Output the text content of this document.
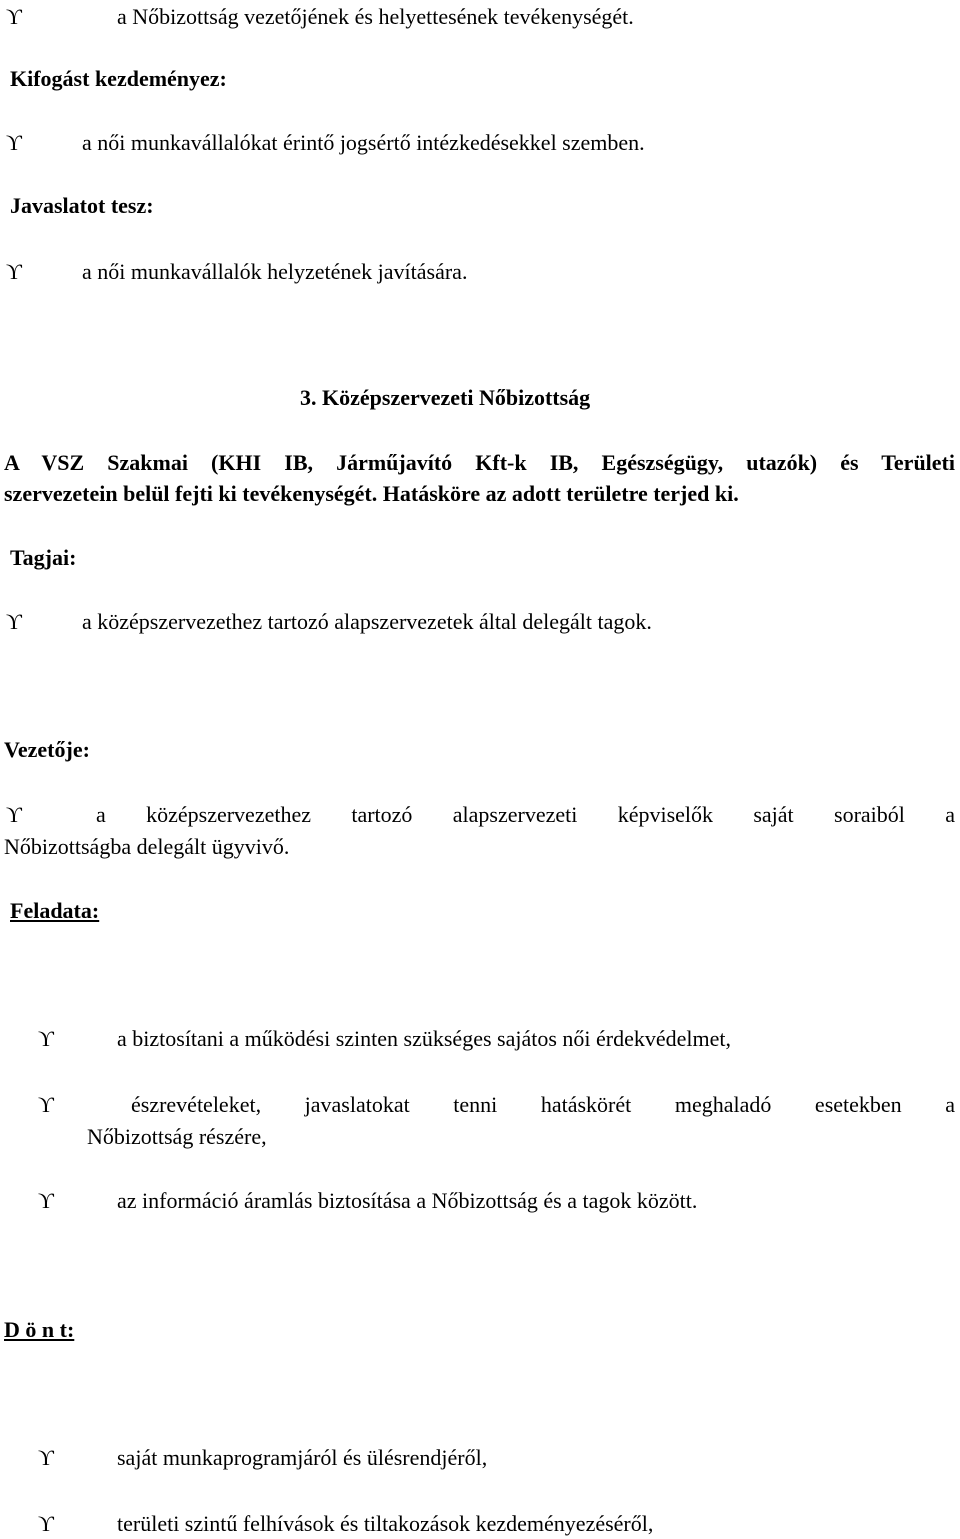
ϒ	a Nőbizottság vezetőjének és helyettesének tevékenységét.
Kifogást kezdeményez:
ϒ	a női munkavállalókat érintő jogsértő intézkedésekkel szemben.
Javaslatot tesz:
ϒ	a női munkavállalók helyzetének javítására.
3. Középszervezeti Nőbizottság
A VSZ Szakmai (KHI IB, Járműjavító Kft-k IB, Egészségügy, utazók) és Területi
szervezetein belül fejti ki tevékenységét. Hatásköre az adott területre terjed ki.
Tagjai:
ϒ	a középszervezethez tartozó alapszervezetek által delegált tagok.
Vezetője:
ϒ	a középszervezethez tartozó alapszervezeti képviselők saját soraiból a
Nőbizottságba delegált ügyvivő.
Feladata:
ϒ	a biztosítani a működési szinten szükséges sajátos női érdekvédelmet,
ϒ	észrevételeket, javaslatokat tenni hatáskörét meghaladó esetekben a
Nőbizottság részére,
ϒ	az információ áramlás biztosítása a Nőbizottság és a tagok között.
D ö n t:
ϒ	saját munkaprogramjáról és ülésrendjéről,
ϒ	területi szintű felhívások és tiltakozások kezdeményezéséről,
